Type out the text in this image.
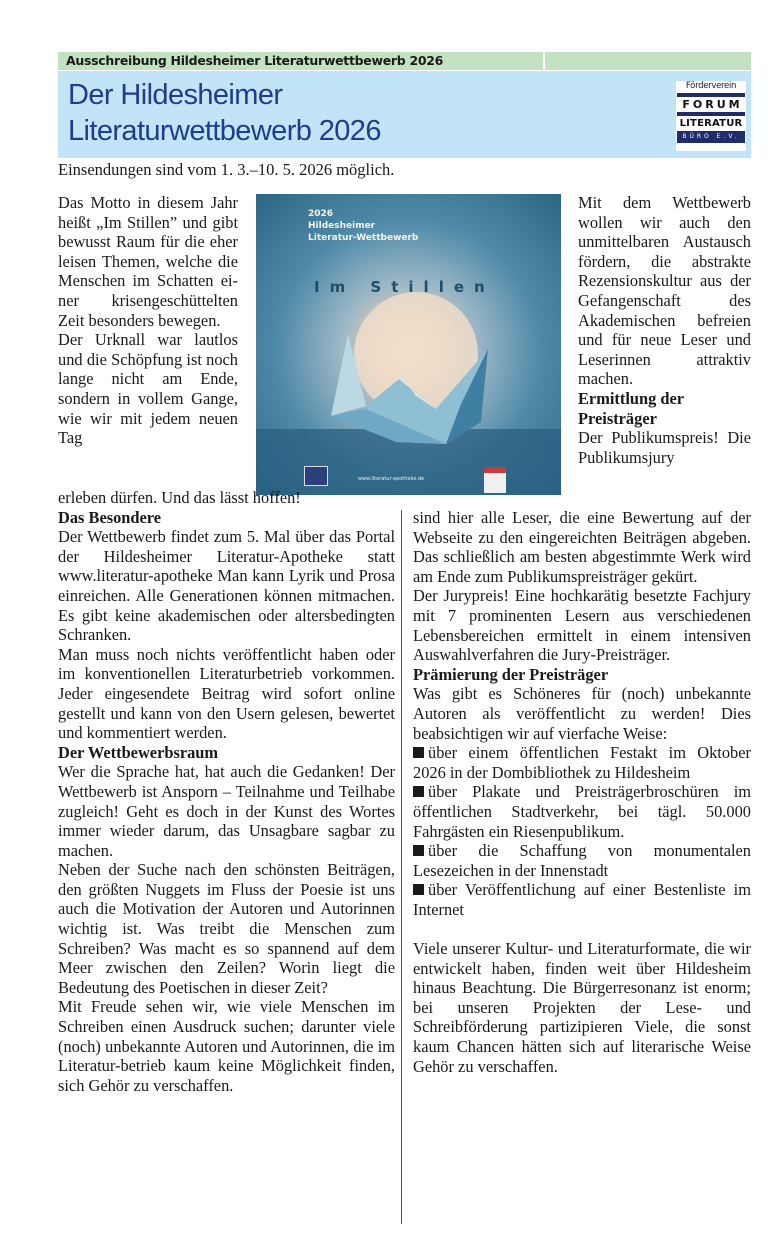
Ausschreibung Hildesheimer Literaturwettbewerb 2026
Der Hildesheimer
Literaturwettbewerb 2026
Förderverein
FORUM
LITERATUR
BÜRO E.V.
Einsendungen sind vom 1. 3.–10. 5. 2026 möglich.

Das Motto in diesem Jahr heißt „Im Stillen” und gibt bewusst Raum für die eher leisen Themen, welche die Menschen im Schatten einer krisengeschüttelten Zeit besonders bewegen.

Der Urknall war lautlos und die Schöpfung ist noch lange nicht am Ende, sondern in vollem Gange, wie wir mit jedem neuen Tag

2026
Hildesheimer
Literatur-Wettbewerb
Im Stillen
www.literatur-apotheke.de

Mit dem Wettbewerb wollen wir auch den unmittelbaren Austausch fördern, die abstrakte Rezensionskultur aus der Gefangenschaft des Akademischen befreien und für neue Leser und Leserinnen attraktiv machen.

Ermittlung der Preisträger

Der Publikumspreis! Die Publikumsjury

erleben dürfen. Und das lässt hoffen!

Das Besondere

Der Wettbewerb findet zum 5. Mal über das Portal der Hildesheimer Literatur-Apotheke statt www.literatur-apotheke Man kann Lyrik und Prosa einreichen. Alle Generationen können mitmachen. Es gibt keine akademischen oder altersbedingten Schranken.

Man muss noch nichts veröffentlicht haben oder im konventionellen Literaturbetrieb vorkommen. Jeder eingesendete Beitrag wird sofort online gestellt und kann von den Usern gelesen, bewertet und kommentiert werden.

Der Wettbewerbsraum

Wer die Sprache hat, hat auch die Gedanken! Der Wettbewerb ist Ansporn – Teilnahme und Teilhabe zugleich! Geht es doch in der Kunst des Wortes immer wieder darum, das Unsagbare sagbar zu machen.

Neben der Suche nach den schönsten Beiträgen, den größten Nuggets im Fluss der Poesie ist uns auch die Motivation der Autoren und Autorinnen wichtig ist. Was treibt die Menschen zum Schreiben? Was macht es so spannend auf dem Meer zwischen den Zeilen? Worin liegt die Bedeutung des Poetischen in dieser Zeit?

Mit Freude sehen wir, wie viele Menschen im Schreiben einen Ausdruck suchen; darunter viele (noch) unbekannte Autoren und Autorinnen, die im Literatur-betrieb kaum keine Möglichkeit finden, sich Gehör zu verschaffen.

sind hier alle Leser, die eine Bewertung auf der Webseite zu den eingereichten Beiträgen abgeben. Das schließlich am besten abgestimmte Werk wird am Ende zum Publikumspreisträger gekürt.

Der Jurypreis! Eine hochkarätig besetzte Fachjury mit 7 prominenten Lesern aus verschiedenen Lebensbereichen ermittelt in einem intensiven Auswahlverfahren die Jury-Preisträger.

Prämierung der Preisträger

Was gibt es Schöneres für (noch) unbekannte Autoren als veröffentlicht zu werden! Dies beabsichtigen wir auf vierfache Weise:

über einem öffentlichen Festakt im Oktober 2026 in der Dombibliothek zu Hildesheim

über Plakate und Preisträgerbroschüren im öffentlichen Stadtverkehr, bei tägl. 50.000 Fahrgästen ein Riesenpublikum.

über die Schaffung von monumentalen Lesezeichen in der Innenstadt

über Veröffentlichung auf einer Bestenliste im Internet

Viele unserer Kultur- und Literaturformate, die wir entwickelt haben, finden weit über Hildesheim hinaus Beachtung. Die Bürgerresonanz ist enorm; bei unseren Projekten der Lese- und Schreibförderung partizipieren Viele, die sonst kaum Chancen hätten sich auf literarische Weise Gehör zu verschaffen.
